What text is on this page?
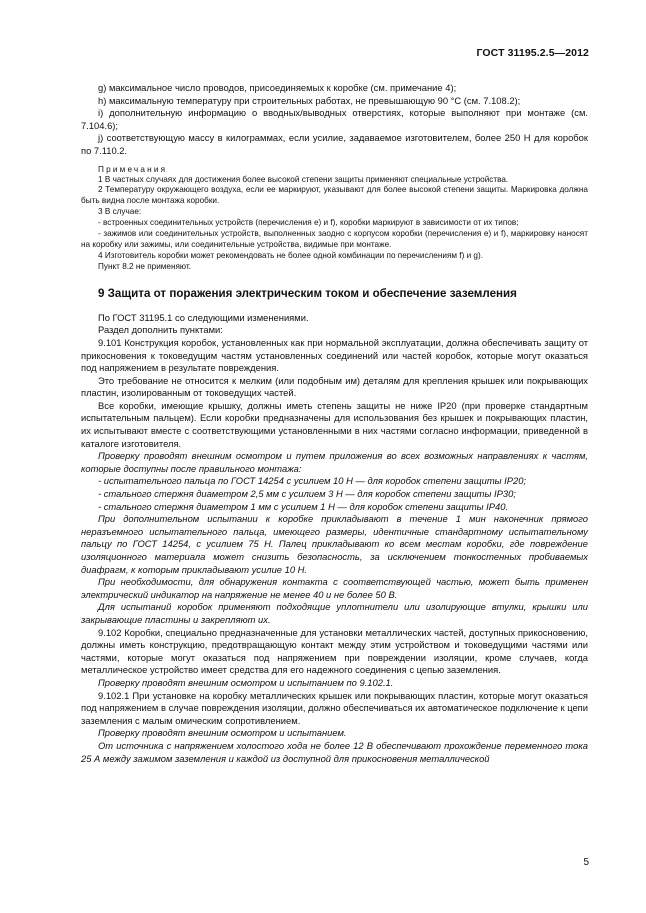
ГОСТ 31195.2.5—2012

g) максимальное число проводов, присоединяемых к коробке (см. примечание 4);

h) максимальную температуру при строительных работах, не превышающую 90 °С (см. 7.108.2);

i) дополнительную информацию о вводных/выводных отверстиях, которые выполняют при монтаже (см. 7.104.6);

j) соответствующую массу в килограммах, если усилие, задаваемое изготовителем, более 250 Н для коробок по 7.110.2.

Примечания

1 В частных случаях для достижения более высокой степени защиты применяют специальные устройства.

2 Температуру окружающего воздуха, если ее маркируют, указывают для более высокой степени защиты. Маркировка должна быть видна после монтажа коробки.

3 В случае:

- встроенных соединительных устройств (перечисления е) и f), коробки маркируют в зависимости от их типов;

- зажимов или соединительных устройств, выполненных заодно с корпусом коробки (перечисления е) и f), маркировку наносят на коробку или зажимы, или соединительные устройства, видимые при монтаже.

4 Изготовитель коробки может рекомендовать не более одной комбинации по перечислениям f) и g).

Пункт 8.2 не применяют.

9 Защита от поражения электрическим током и обеспечение заземления

По ГОСТ 31195.1 со следующими изменениями.

Раздел дополнить пунктами:

9.101 Конструкция коробок, установленных как при нормальной эксплуатации, должна обеспечивать защиту от прикосновения к токоведущим частям установленных соединений или частей коробок, которые могут оказаться под напряжением в результате повреждения.

Это требование не относится к мелким (или подобным им) деталям для крепления крышек или покрывающих пластин, изолированным от токоведущих частей.

Все коробки, имеющие крышку, должны иметь степень защиты не ниже IP20 (при проверке стандартным испытательным пальцем). Если коробки предназначены для использования без крышек и покрывающих пластин, их испытывают вместе с соответствующими установленными в них частями согласно информации, приведенной в каталоге изготовителя.

Проверку проводят внешним осмотром и путем приложения во всех возможных направлениях к частям, которые доступны после правильного монтажа:

- испытательного пальца по ГОСТ 14254 с усилием 10 Н — для коробок степени защиты IP20;

- стального стержня диаметром 2,5 мм с усилием 3 Н — для коробок степени защиты IP30;

- стального стержня диаметром 1 мм с усилием 1 Н — для коробок степени защиты IP40.

При дополнительном испытании к коробке прикладывают в течение 1 мин наконечник прямого неразъемного испытательного пальца, имеющего размеры, идентичные стандартному испытательному пальцу по ГОСТ 14254, с усилием 75 Н. Палец прикладывают ко всем местам коробки, где повреждение изоляционного материала может снизить безопасность, за исключением тонкостенных пробиваемых диафрагм, к которым прикладывают усилие 10 Н.

При необходимости, для обнаружения контакта с соответствующей частью, может быть применен электрический индикатор на напряжение не менее 40 и не более 50 В.

Для испытаний коробок применяют подходящие уплотнители или изолирующие втулки, крышки или закрывающие пластины и закрепляют их.

9.102 Коробки, специально предназначенные для установки металлических частей, доступных прикосновению, должны иметь конструкцию, предотвращающую контакт между этим устройством и токоведущими частями или частями, которые могут оказаться под напряжением при повреждении изоляции, кроме случаев, когда металлическое устройство имеет средства для его надежного соединения с цепью заземления.

Проверку проводят внешним осмотром и испытанием по 9.102.1.

9.102.1 При установке на коробку металлических крышек или покрывающих пластин, которые могут оказаться под напряжением в случае повреждения изоляции, должно обеспечиваться их автоматическое подключение к цепи заземления с малым омическим сопротивлением.

Проверку проводят внешним осмотром и испытанием.

От источника с напряжением холостого хода не более 12 В обеспечивают прохождение переменного тока 25 А между зажимом заземления и каждой из доступной для прикосновения металлической

5
